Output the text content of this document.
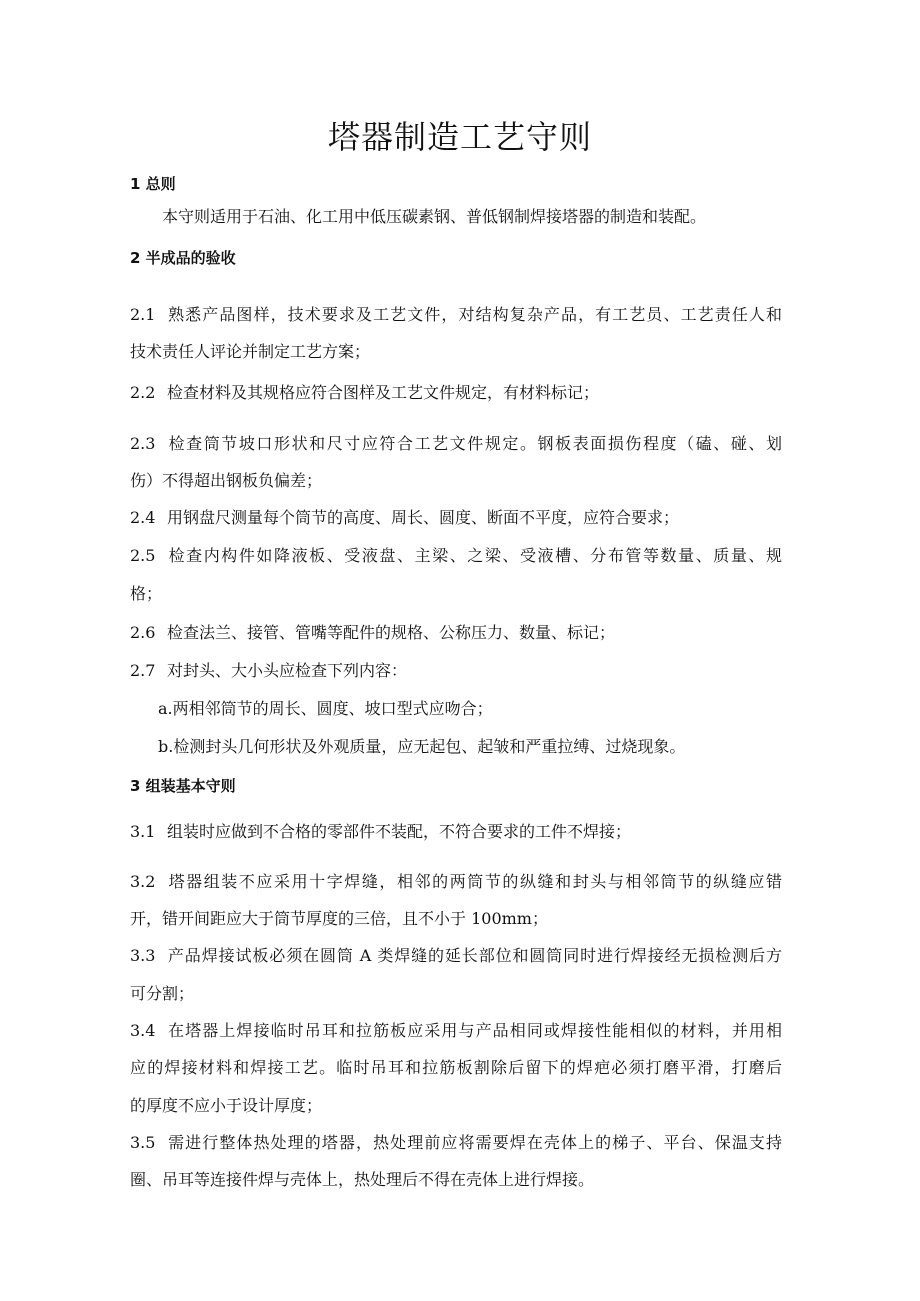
塔器制造工艺守则
1 总则
本守则适用于石油、化工用中低压碳素钢、普低钢制焊接塔器的制造和装配。
2 半成品的验收
2.1 熟悉产品图样，技术要求及工艺文件，对结构复杂产品，有工艺员、工艺责任人和
技术责任人评论并制定工艺方案；
2.2 检查材料及其规格应符合图样及工艺文件规定，有材料标记；
2.3 检查筒节坡口形状和尺寸应符合工艺文件规定。钢板表面损伤程度（磕、碰、划
伤）不得超出钢板负偏差；
2.4 用钢盘尺测量每个筒节的高度、周长、圆度、断面不平度，应符合要求；
2.5 检查内构件如降液板、受液盘、主梁、之梁、受液槽、分布管等数量、质量、规
格；
2.6 检查法兰、接管、管嘴等配件的规格、公称压力、数量、标记；
2.7 对封头、大小头应检查下列内容：
a.两相邻筒节的周长、圆度、坡口型式应吻合；
b.检测封头几何形状及外观质量，应无起包、起皱和严重拉缚、过烧现象。
3 组装基本守则
3.1 组装时应做到不合格的零部件不装配，不符合要求的工件不焊接；
3.2 塔器组装不应采用十字焊缝，相邻的两筒节的纵缝和封头与相邻筒节的纵缝应错
开，错开间距应大于筒节厚度的三倍，且不小于 100mm；
3.3 产品焊接试板必须在圆筒 A 类焊缝的延长部位和圆筒同时进行焊接经无损检测后方
可分割；
3.4 在塔器上焊接临时吊耳和拉筋板应采用与产品相同或焊接性能相似的材料，并用相
应的焊接材料和焊接工艺。临时吊耳和拉筋板割除后留下的焊疤必须打磨平滑，打磨后
的厚度不应小于设计厚度；
3.5 需进行整体热处理的塔器，热处理前应将需要焊在壳体上的梯子、平台、保温支持
圈、吊耳等连接件焊与壳体上，热处理后不得在壳体上进行焊接。
